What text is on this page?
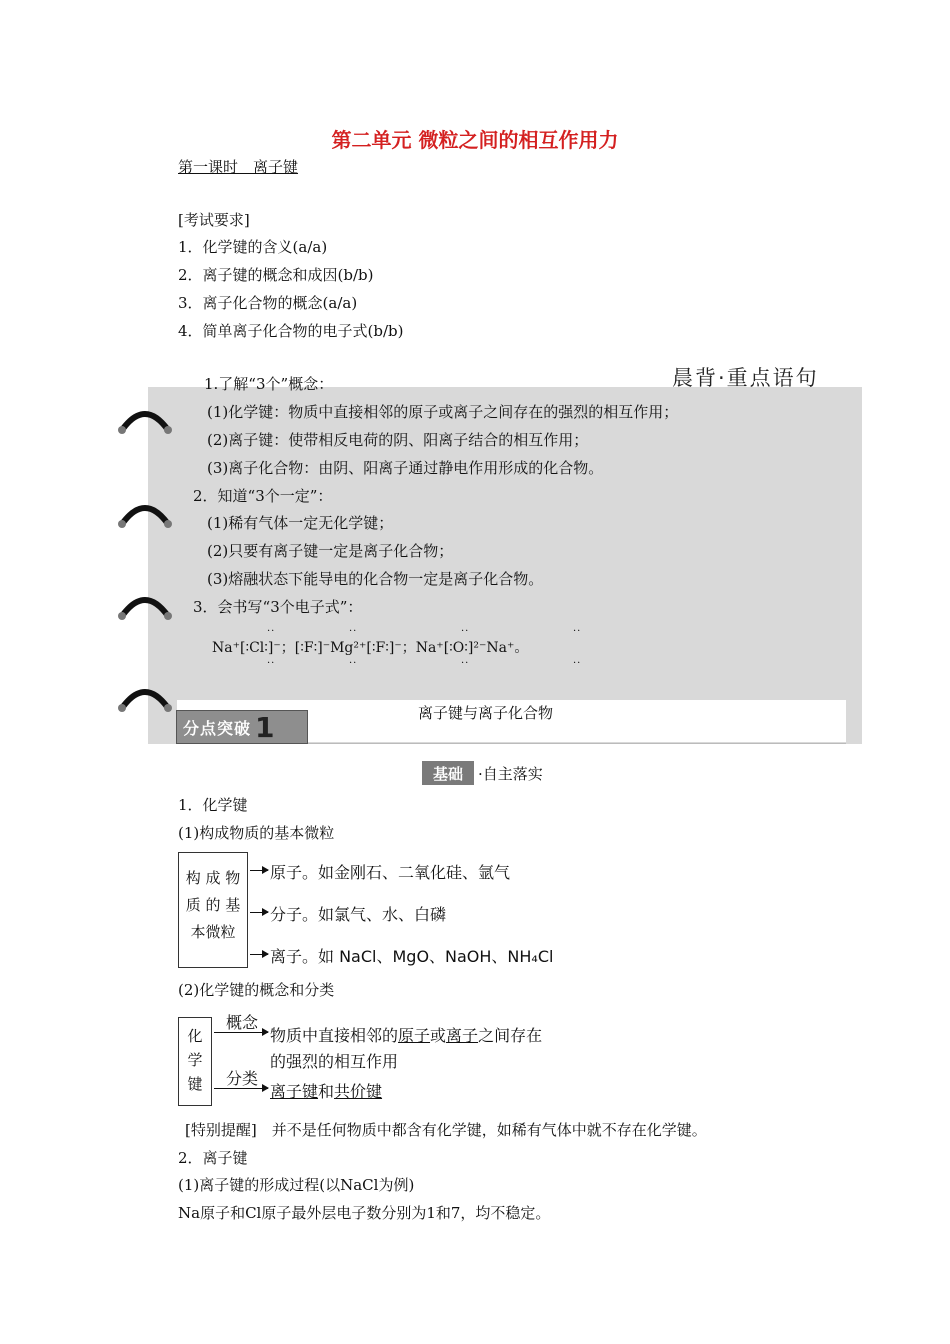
第二单元 微粒之间的相互作用力
第一课时　离子键
[考试要求]
1．化学键的含义(a/a)
2．离子键的概念和成因(b/b)
3．离子化合物的概念(a/a)
4．简单离子化合物的电子式(b/b)
晨背·重点语句
1.了解“3个”概念：
(1)化学键：物质中直接相邻的原子或离子之间存在的强烈的相互作用；
(2)离子键：使带相反电荷的阴、阳离子结合的相互作用；
(3)离子化合物：由阴、阳离子通过静电作用形成的化合物。
2．知道“3个一定”：
(1)稀有气体一定无化学键；
(2)只要有离子键一定是离子化合物；
(3)熔融状态下能导电的化合物一定是离子化合物。
3．会书写“3个电子式”：
··	··	··	··
Na⁺[∶Cl∶]⁻；[∶F∶]⁻Mg²⁺[∶F∶]⁻；Na⁺[∶O∶]²⁻Na⁺。
··	··	··	··
分点突破 1	离子键与离子化合物
基础	·自主落实
1．化学键
(1)构成物质的基本微粒
构 成 物
质 的 基
本微粒
原子。如金刚石、二氧化硅、氩气
分子。如氯气、水、白磷
离子。如 NaCl、MgO、NaOH、NH₄Cl
(2)化学键的概念和分类
化
学
键
概念
物质中直接相邻的原子或离子之间存在
的强烈的相互作用
分类
离子键和共价键
[特别提醒]　并不是任何物质中都含有化学键，如稀有气体中就不存在化学键。
2．离子键
(1)离子键的形成过程(以NaCl为例)
Na原子和Cl原子最外层电子数分别为1和7，均不稳定。
